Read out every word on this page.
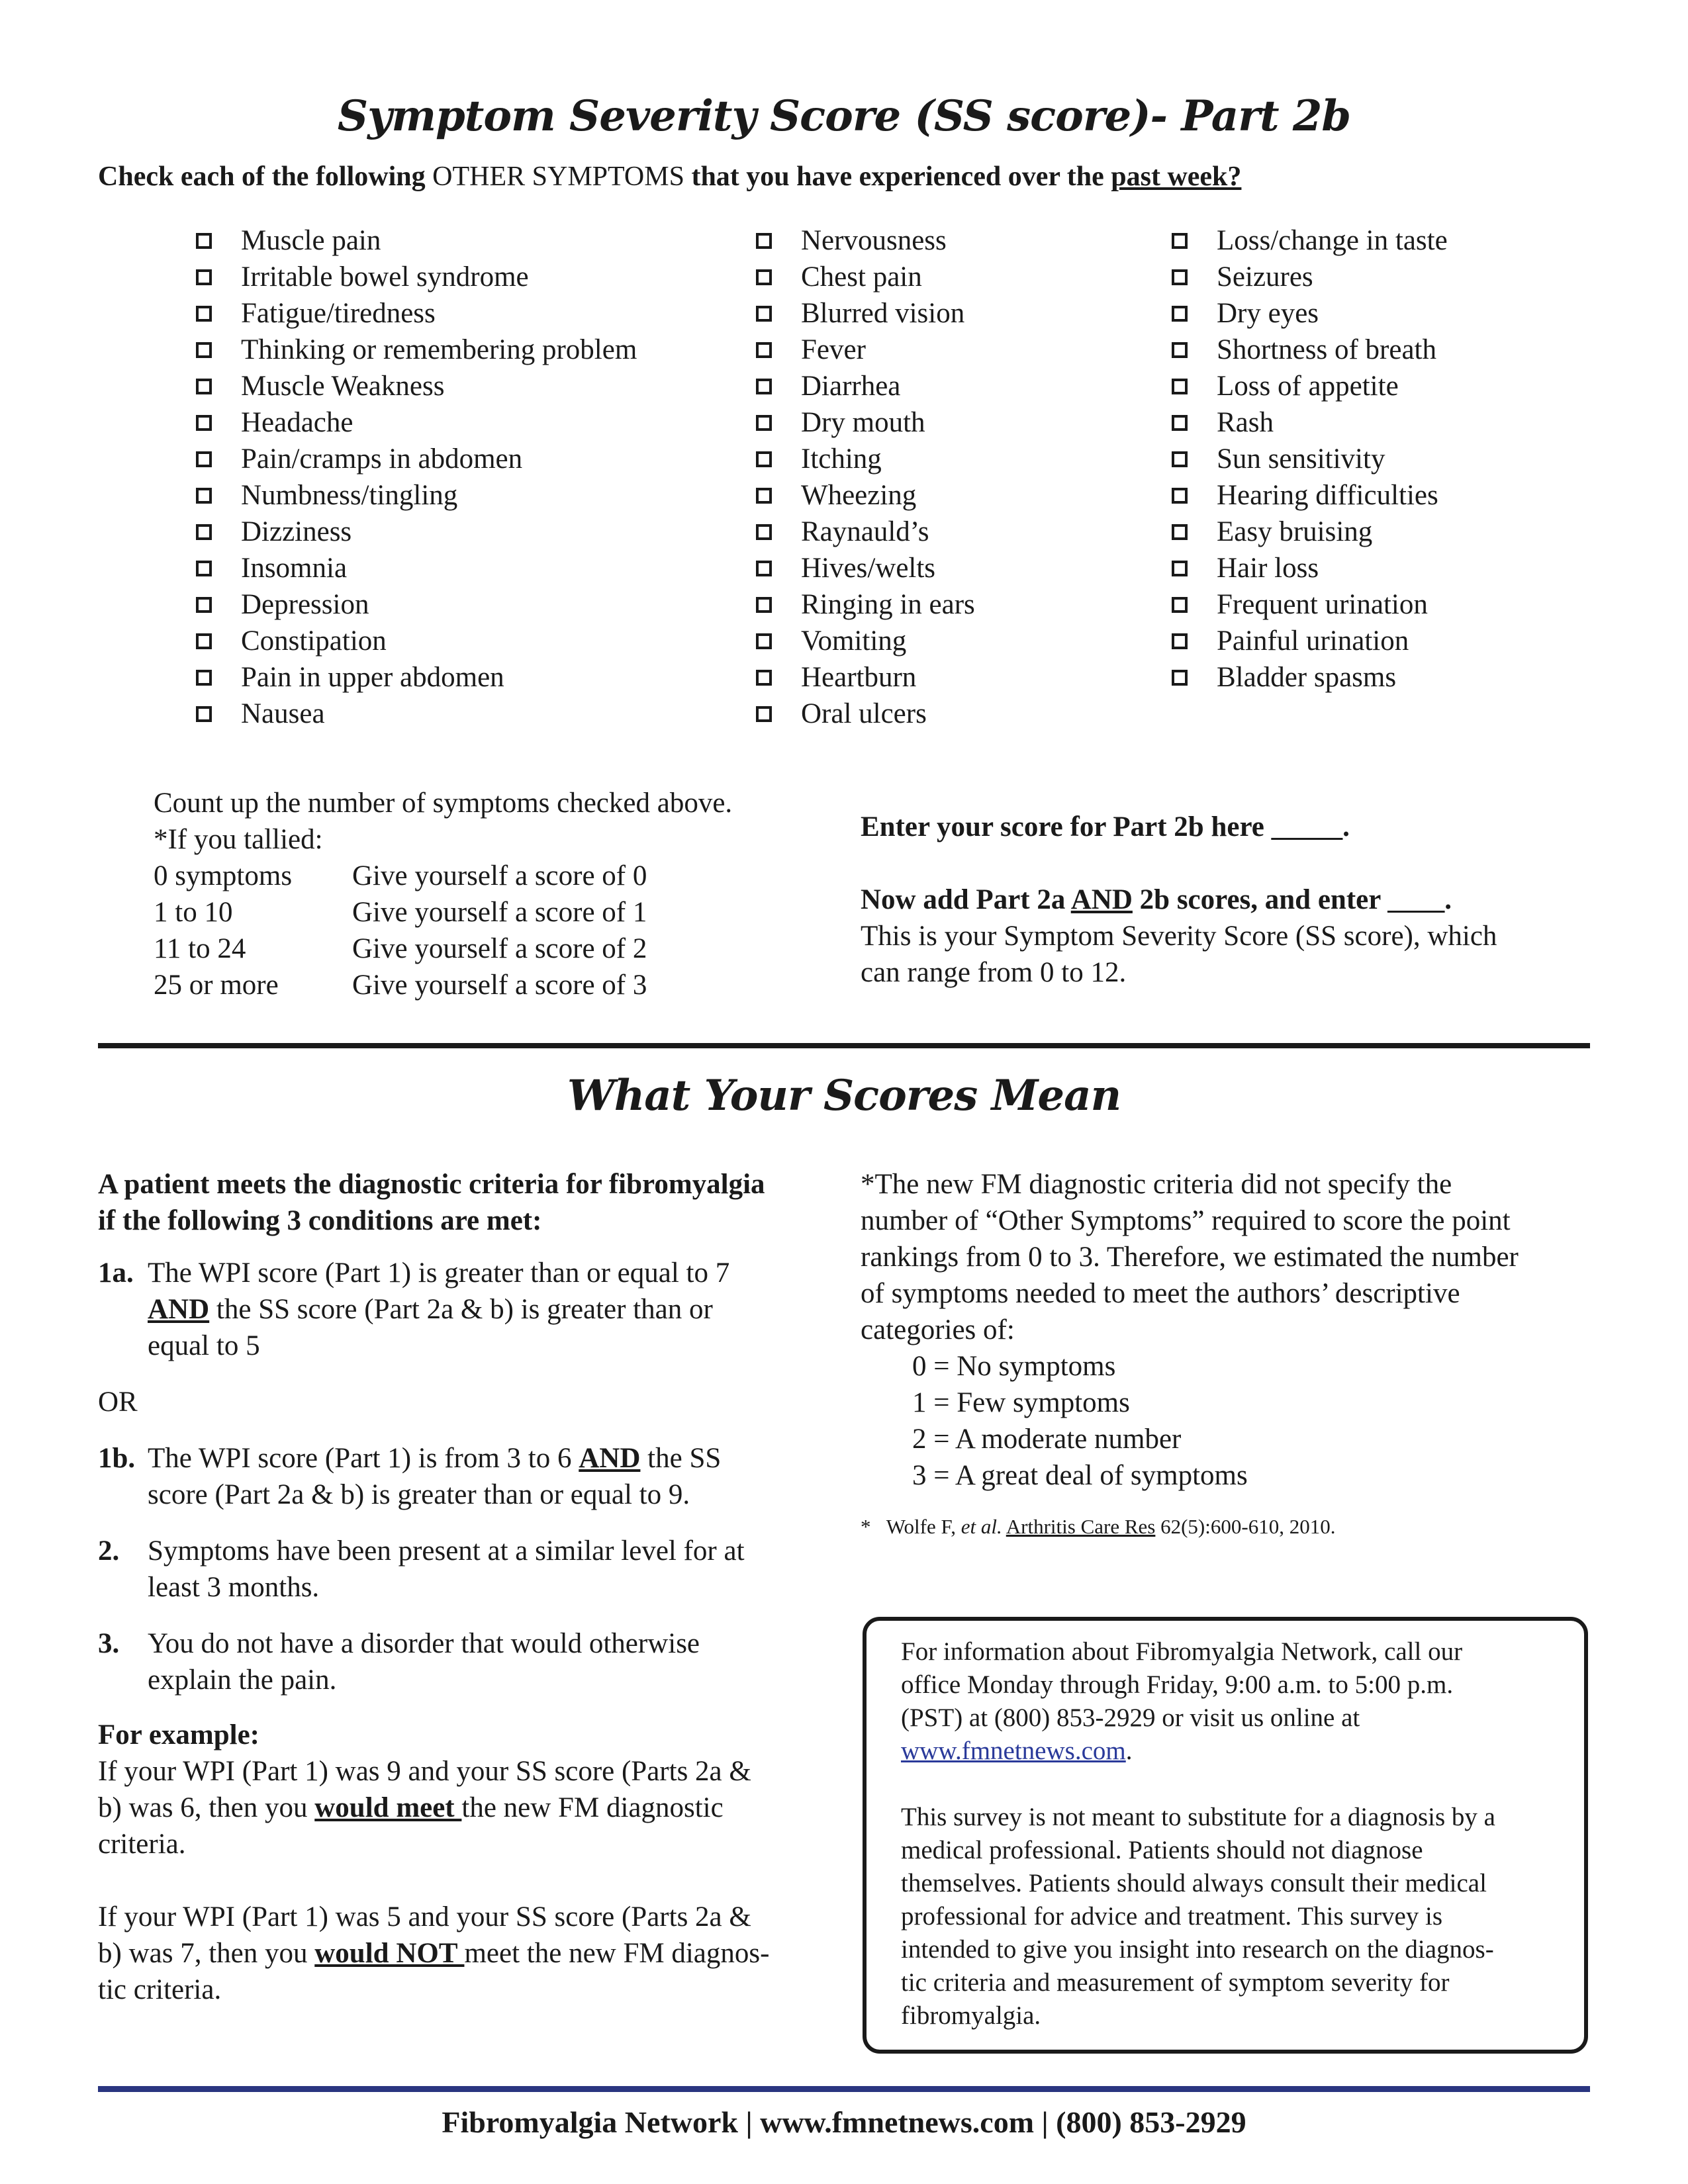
Symptom Severity Score (SS score)- Part 2b
Check each of the following OTHER SYMPTOMS that you have experienced over the past week?
Muscle pain
Irritable bowel syndrome
Fatigue/tiredness
Thinking or remembering problem
Muscle Weakness
Headache
Pain/cramps in abdomen
Numbness/tingling
Dizziness
Insomnia
Depression
Constipation
Pain in upper abdomen
Nausea
Nervousness
Chest pain
Blurred vision
Fever
Diarrhea
Dry mouth
Itching
Wheezing
Raynauld’s
Hives/welts
Ringing in ears
Vomiting
Heartburn
Oral ulcers
Loss/change in taste
Seizures
Dry eyes
Shortness of breath
Loss of appetite
Rash
Sun sensitivity
Hearing difficulties
Easy bruising
Hair loss
Frequent urination
Painful urination
Bladder spasms
Count up the number of symptoms checked above.
*If you tallied:
0 symptoms	Give yourself a score of 0
1 to 10	Give yourself a score of 1
11 to 24	Give yourself a score of 2
25 or more	Give yourself a score of 3
Enter your score for Part 2b here _____.
Now add Part 2a AND 2b scores, and enter ____.
This is your Symptom Severity Score (SS score), which
can range from 0 to 12.
What Your Scores Mean
A patient meets the diagnostic criteria for fibromyalgia
if the following 3 conditions are met:
1a. The WPI score (Part 1) is greater than or equal to 7
AND the SS score (Part 2a & b) is greater than or
equal to 5
OR
1b. The WPI score (Part 1) is from 3 to 6 AND the SS
score (Part 2a & b) is greater than or equal to 9.
2. Symptoms have been present at a similar level for at
least 3 months.
3. You do not have a disorder that would otherwise
explain the pain.
For example:
If your WPI (Part 1) was 9 and your SS score (Parts 2a &
b) was 6, then you would meet the new FM diagnostic
criteria.
If your WPI (Part 1) was 5 and your SS score (Parts 2a &
b) was 7, then you would NOT meet the new FM diagnos-
tic criteria.
*The new FM diagnostic criteria did not specify the
number of “Other Symptoms” required to score the point
rankings from 0 to 3. Therefore, we estimated the number
of symptoms needed to meet the authors’ descriptive
categories of:
0 = No symptoms
1 = Few symptoms
2 = A moderate number
3 = A great deal of symptoms
* Wolfe F, et al. Arthritis Care Res 62(5):600-610, 2010.
For information about Fibromyalgia Network, call our
office Monday through Friday, 9:00 a.m. to 5:00 p.m.
(PST) at (800) 853-2929 or visit us online at
www.fmnetnews.com.
This survey is not meant to substitute for a diagnosis by a
medical professional. Patients should not diagnose
themselves. Patients should always consult their medical
professional for advice and treatment. This survey is
intended to give you insight into research on the diagnos-
tic criteria and measurement of symptom severity for
fibromyalgia.
Fibromyalgia Network | www.fmnetnews.com | (800) 853-2929
